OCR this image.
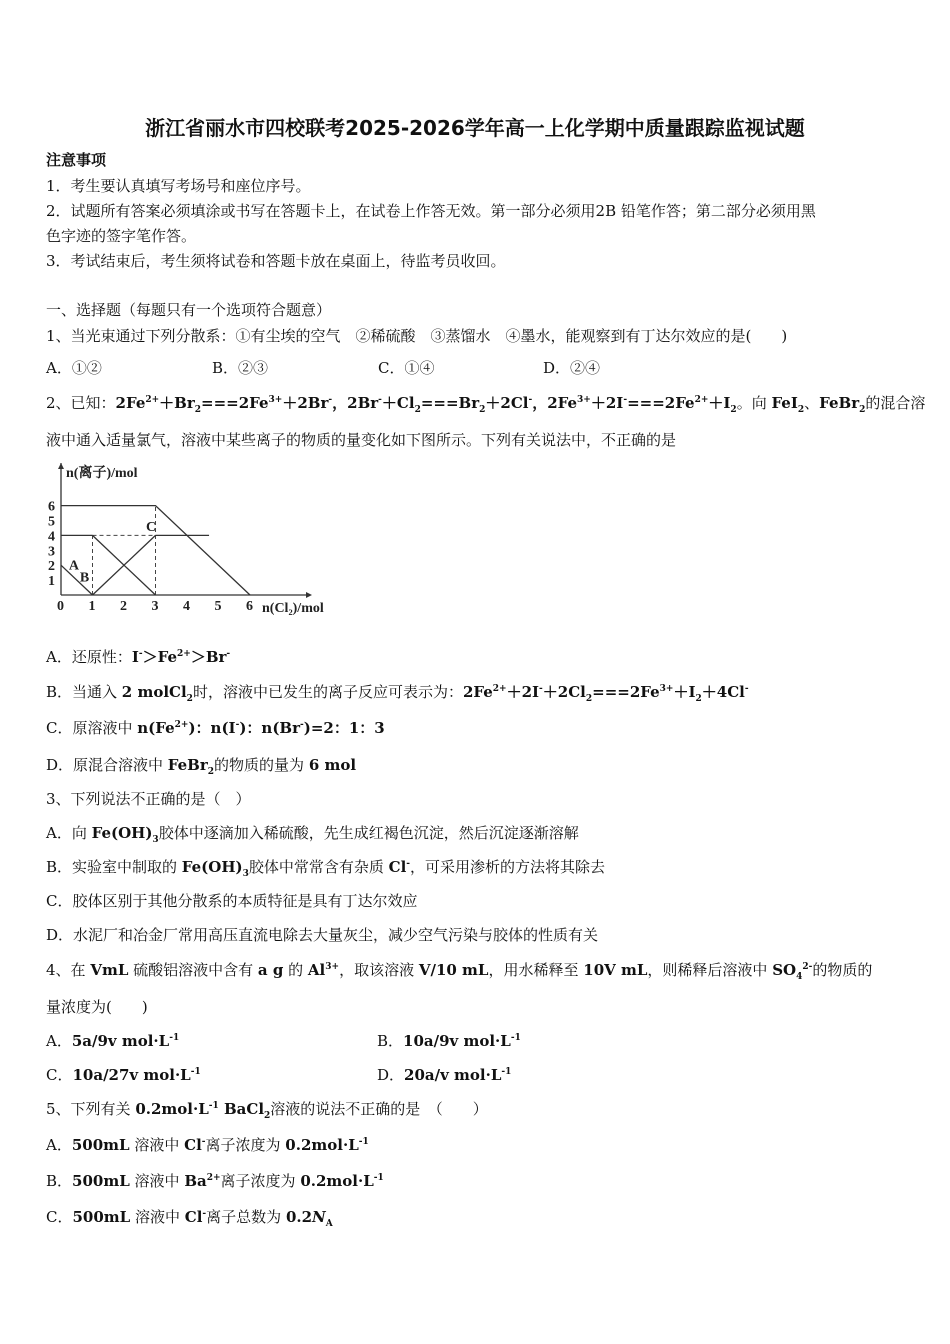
浙江省丽水市四校联考2025-2026学年高一上化学期中质量跟踪监视试题
注意事项
1．考生要认真填写考场号和座位序号。
2．试题所有答案必须填涂或书写在答题卡上，在试卷上作答无效。第一部分必须用2B 铅笔作答；第二部分必须用黑
色字迹的签字笔作答。
3．考试结束后，考生须将试卷和答题卡放在桌面上，待监考员收回。
一、选择题（每题只有一个选项符合题意）
1、当光束通过下列分散系：①有尘埃的空气　②稀硫酸　③蒸馏水　④墨水，能观察到有丁达尔效应的是(　　)
A．①②	B．②③	C．①④	D．②④
2、已知：$2Fe^{2+}+Br_2===2Fe^{3+}+2Br^-$，$2Br^-+Cl_2===Br_2+2Cl^-$，$2Fe^{3+}+2I^-===2Fe^{2+}+I_2$。向 FeI$_2$、FeBr$_2$的混合溶
液中通入适量氯气，溶液中某些离子的物质的量变化如下图所示。下列有关说法中，不正确的是
0 1 2 3 4 5 6
1
2
3
4
5
6
A
B
C
n(离子)/mol
n(Cl₂)/mol
A．还原性：$I^->Fe^{2+}>Br^-$
B．当通入 2 molCl$_2$时，溶液中已发生的离子反应可表示为：$2Fe^{2+}+2I^-+2Cl_2===2Fe^{3+}+I_2+4Cl^-$
C．原溶液中 $n(Fe^{2+})$：n(I-)：n(Br-)=2：1：3
D．原混合溶液中 FeBr$_2$的物质的量为 6 mol
3、下列说法不正确的是（　）
A．向 $Fe(OH)_3$胶体中逐滴加入稀硫酸，先生成红褐色沉淀，然后沉淀逐渐溶解
B．实验室中制取的 $Fe(OH)_3$胶体中常常含有杂质 Cl-，可采用渗析的方法将其除去
C．胶体区别于其他分散系的本质特征是具有丁达尔效应
D．水泥厂和冶金厂常用高压直流电除去大量灰尘，减少空气污染与胶体的性质有关
4、在 VmL 硫酸铝溶液中含有 a g 的 $Al^{3+}$，取该溶液 V/10 mL，用水稀释至 10V mL，则稀释后溶液中 $SO_4^{2-}$的物质的
量浓度为(　　)
A．5a/9v $mol\cdot L^{-1}$	B．10a/9v $mol\cdot L^{-1}$
C．10a/27v $mol\cdot L^{-1}$	D．20a/v $mol\cdot L^{-1}$
5、下列有关 $0.2mol\cdot L^{-1}$ BaCl$_2$溶液的说法不正确的是　（　　）
A．500mL 溶液中 Cl-离子浓度为 $0.2mol\cdot L^{-1}$
B．500mL 溶液中 $Ba^{2+}$离子浓度为 $0.2mol\cdot L^{-1}$
C．500mL 溶液中 Cl-离子总数为 $0.2N_A$
